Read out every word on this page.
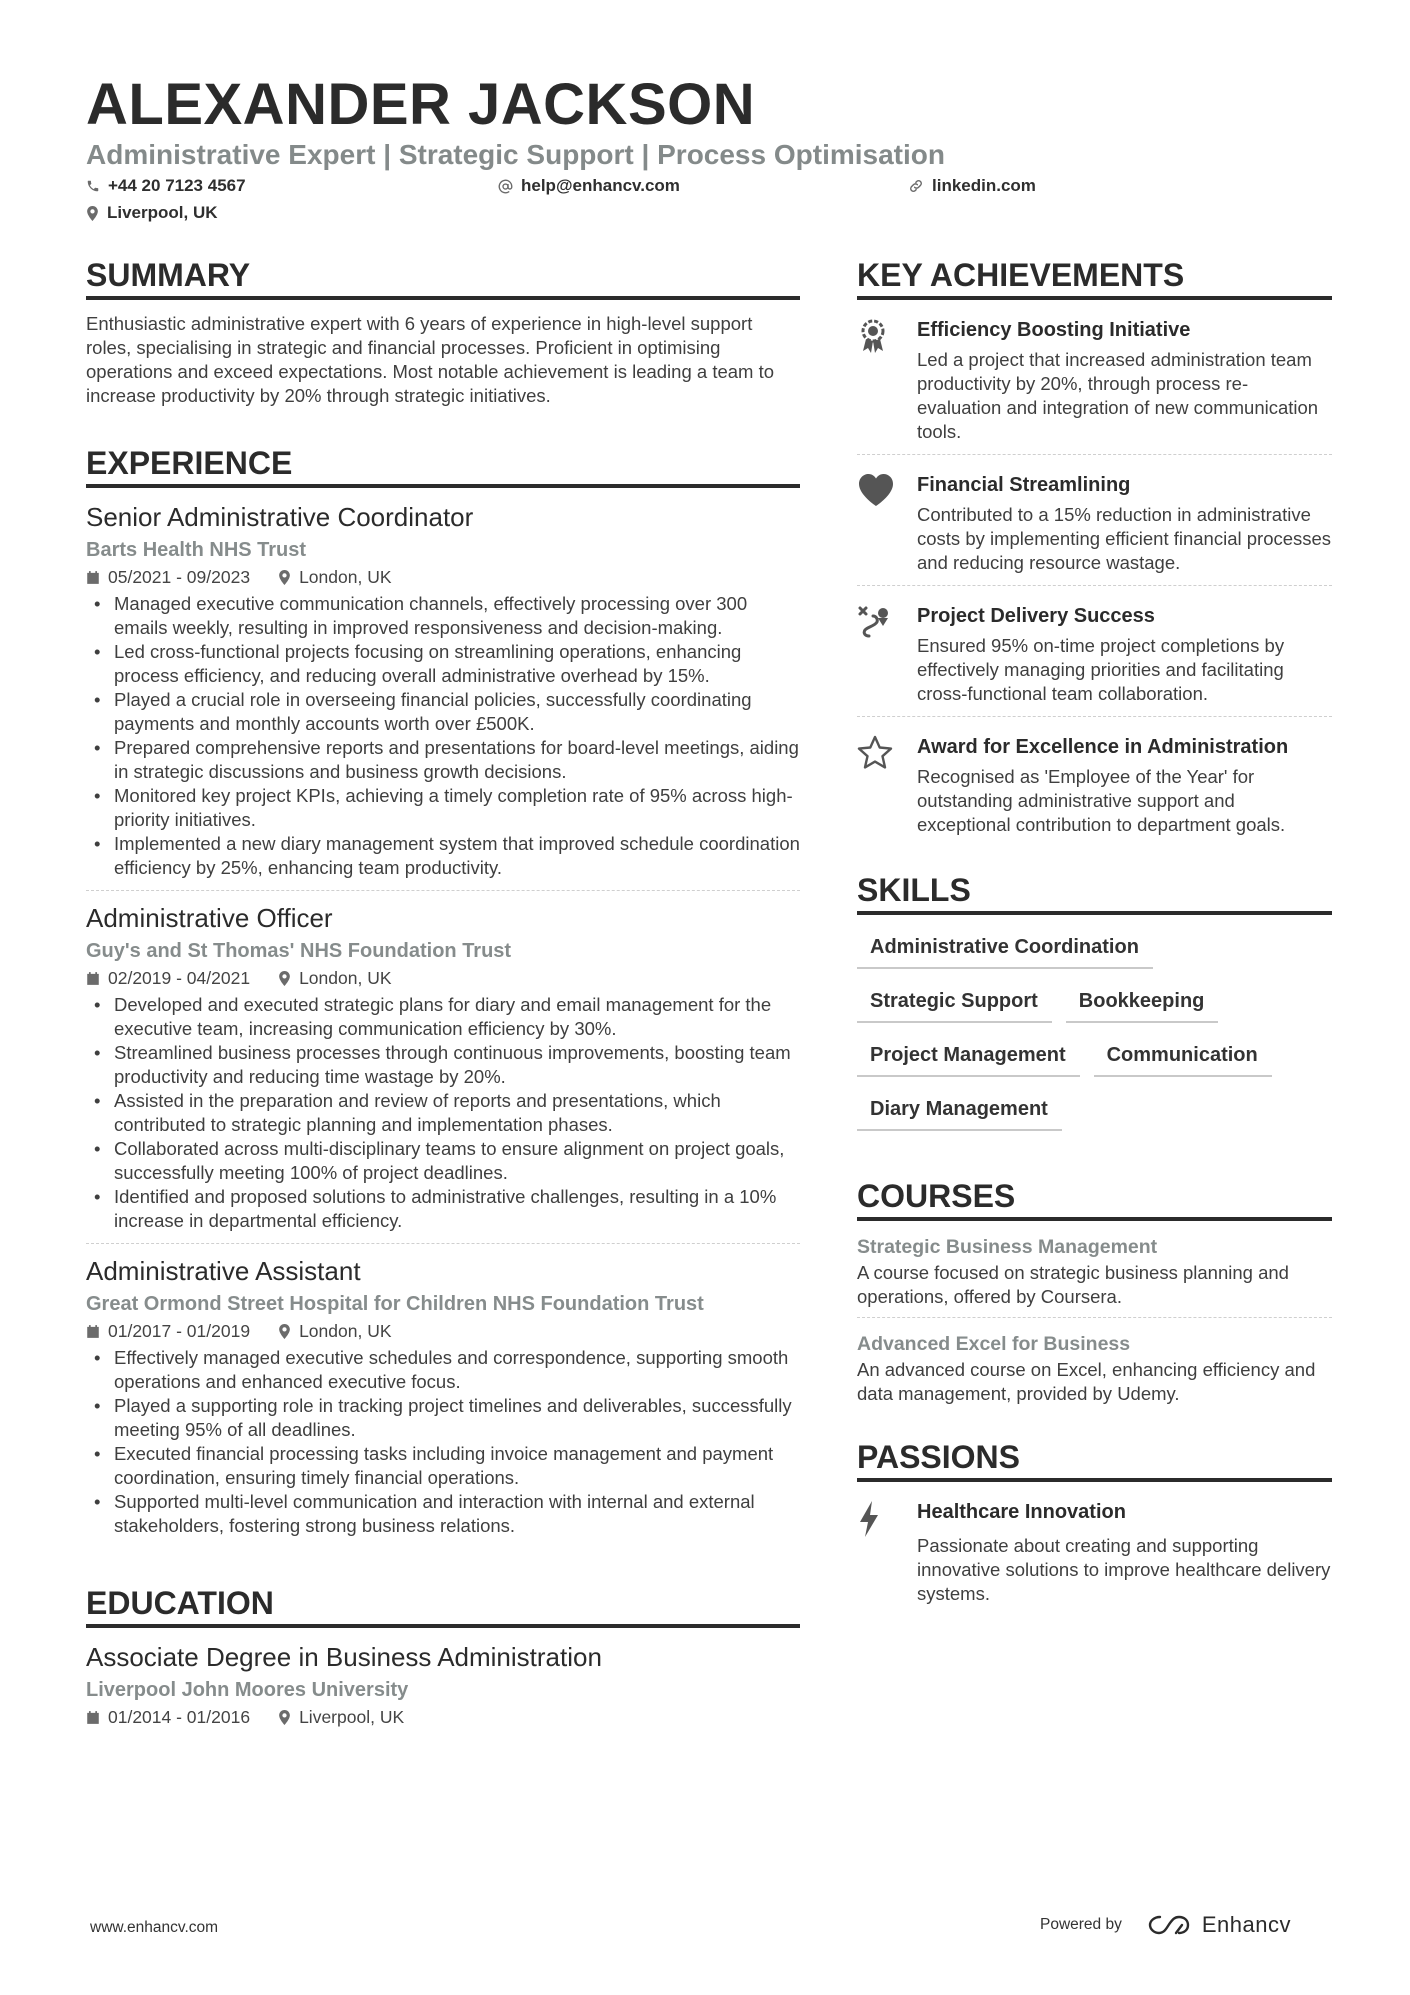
ALEXANDER JACKSON
Administrative Expert | Strategic Support | Process Optimisation
+44 20 7123 4567	help@enhancv.com	linkedin.com
Liverpool, UK
SUMMARY
Enthusiastic administrative expert with 6 years of experience in high-level support roles, specialising in strategic and financial processes. Proficient in optimising operations and exceed expectations. Most notable achievement is leading a team to increase productivity by 20% through strategic initiatives.
EXPERIENCE
Senior Administrative Coordinator
Barts Health NHS Trust
05/2021 - 09/2023	London, UK
• Managed executive communication channels, effectively processing over 300 emails weekly, resulting in improved responsiveness and decision-making.
• Led cross-functional projects focusing on streamlining operations, enhancing process efficiency, and reducing overall administrative overhead by 15%.
• Played a crucial role in overseeing financial policies, successfully coordinating payments and monthly accounts worth over £500K.
• Prepared comprehensive reports and presentations for board-level meetings, aiding in strategic discussions and business growth decisions.
• Monitored key project KPIs, achieving a timely completion rate of 95% across high-priority initiatives.
• Implemented a new diary management system that improved schedule coordination efficiency by 25%, enhancing team productivity.
Administrative Officer
Guy's and St Thomas' NHS Foundation Trust
02/2019 - 04/2021	London, UK
• Developed and executed strategic plans for diary and email management for the executive team, increasing communication efficiency by 30%.
• Streamlined business processes through continuous improvements, boosting team productivity and reducing time wastage by 20%.
• Assisted in the preparation and review of reports and presentations, which contributed to strategic planning and implementation phases.
• Collaborated across multi-disciplinary teams to ensure alignment on project goals, successfully meeting 100% of project deadlines.
• Identified and proposed solutions to administrative challenges, resulting in a 10% increase in departmental efficiency.
Administrative Assistant
Great Ormond Street Hospital for Children NHS Foundation Trust
01/2017 - 01/2019	London, UK
• Effectively managed executive schedules and correspondence, supporting smooth operations and enhanced executive focus.
• Played a supporting role in tracking project timelines and deliverables, successfully meeting 95% of all deadlines.
• Executed financial processing tasks including invoice management and payment coordination, ensuring timely financial operations.
• Supported multi-level communication and interaction with internal and external stakeholders, fostering strong business relations.
EDUCATION
Associate Degree in Business Administration
Liverpool John Moores University
01/2014 - 01/2016	Liverpool, UK
KEY ACHIEVEMENTS
Efficiency Boosting Initiative
Led a project that increased administration team productivity by 20%, through process re-evaluation and integration of new communication tools.
Financial Streamlining
Contributed to a 15% reduction in administrative costs by implementing efficient financial processes and reducing resource wastage.
Project Delivery Success
Ensured 95% on-time project completions by effectively managing priorities and facilitating cross-functional team collaboration.
Award for Excellence in Administration
Recognised as 'Employee of the Year' for outstanding administrative support and exceptional contribution to department goals.
SKILLS
Administrative Coordination
Strategic Support	Bookkeeping
Project Management	Communication
Diary Management
COURSES
Strategic Business Management
A course focused on strategic business planning and operations, offered by Coursera.
Advanced Excel for Business
An advanced course on Excel, enhancing efficiency and data management, provided by Udemy.
PASSIONS
Healthcare Innovation
Passionate about creating and supporting innovative solutions to improve healthcare delivery systems.
www.enhancv.com	Powered by	Enhancv
